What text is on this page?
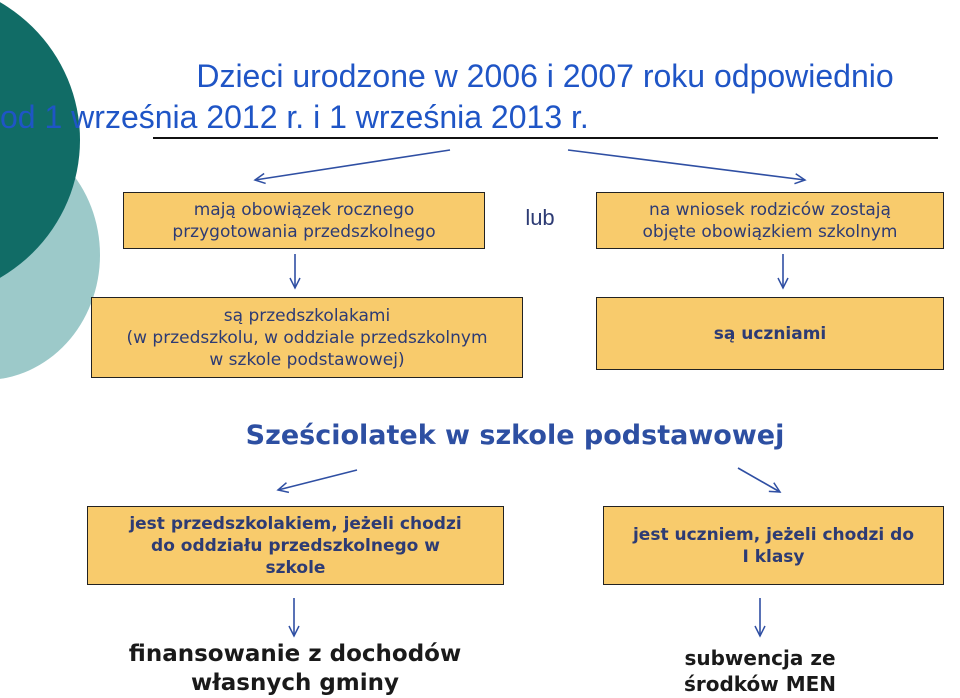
Dzieci urodzone w 2006 i 2007 roku odpowiednio
od 1 września 2012 r. i 1 września 2013 r.
mają obowiązek rocznego
przygotowania przedszkolnego
lub	na wniosek rodziców zostają
objęte obowiązkiem szkolnym
są przedszkolakami
(w przedszkolu, w oddziale przedszkolnym
w szkole podstawowej)
są uczniami
Sześciolatek w szkole podstawowej
jest przedszkolakiem, jeżeli chodzi
do oddziału przedszkolnego w
szkole
jest uczniem, jeżeli chodzi do
I klasy
finansowanie z dochodów
własnych gminy
subwencja ze
środków MEN
